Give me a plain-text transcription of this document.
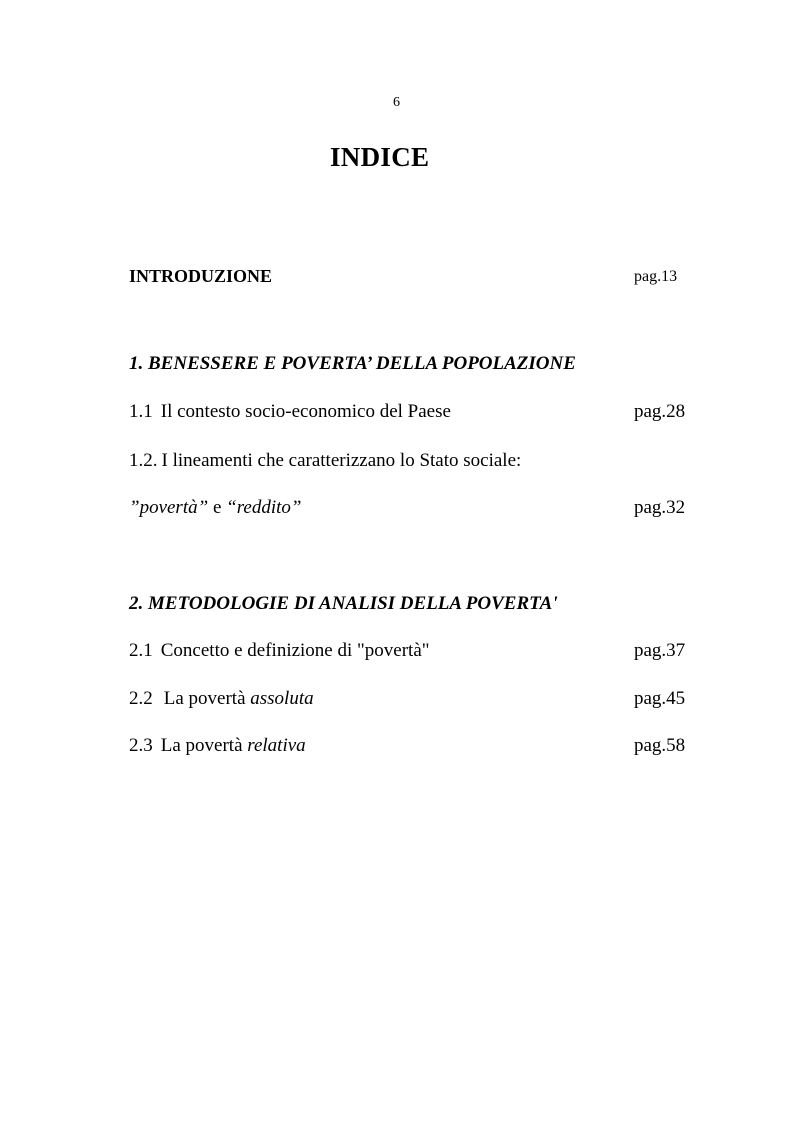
6
INDICE
INTRODUZIONE	pag.13
1. BENESSERE E POVERTA’ DELLA POPOLAZIONE
1.1 Il contesto socio-economico del Paese	pag.28
1.2. I lineamenti che caratterizzano lo Stato sociale:
”povertà” e “reddito”	pag.32
2. METODOLOGIE DI ANALISI DELLA POVERTA'
2.1 Concetto e definizione di "povertà"	pag.37
2.2 La povertà assoluta	pag.45
2.3 La povertà relativa	pag.58
